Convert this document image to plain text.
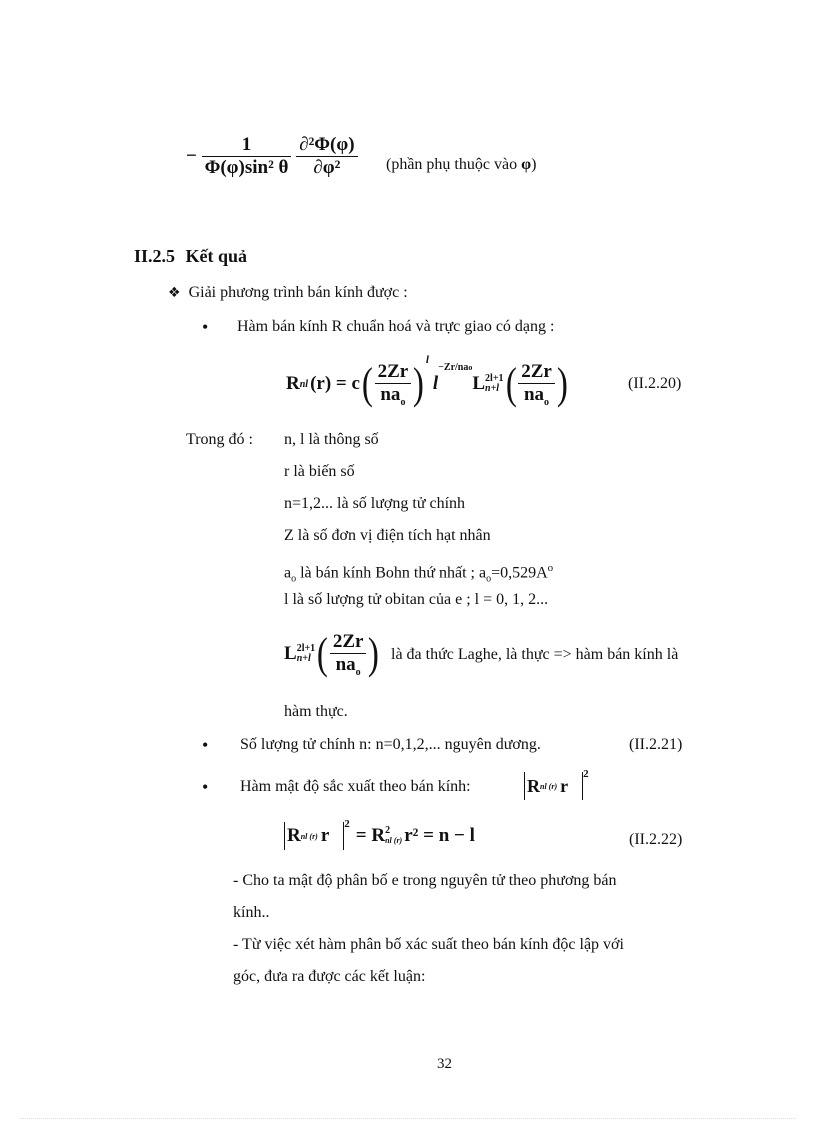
− $\frac{1}{\text{Φ(φ)sin² θ}}$
$\frac{\text{∂²Φ(φ)}}{\text{∂φ²}}$ (phần phụ thuộc vào φ)
II.2.5 Kết quả
❖ Giải phương trình bán kính được :
• Hàm bán kính R chuẩn hoá và trực giao có dạng :
R nl (r) = c ( $\frac{2Zr}{na_o}$ ) l
l
−Zr/nao
L 2l+1
n+l ( $\frac{2Zr}{na_o}$ )	(II.2.20)
Trong đó : n, l là thông số
r là biến số
n=1,2... là số lượng tử chính
Z là số đơn vị điện tích hạt nhân
$a_o$ là bán kính Bohn thứ nhất ; $a_o=0,529A^o$
l là số lượng tử obitan của e ; l = 0, 1, 2...
L 2l+1
n+l ( $\frac{2Zr}{na_o}$ ) là đa thức Laghe, là thực => hàm bán kính là
hàm thực.
• Số lượng tử chính n: n=0,1,2,... nguyên dương.	(II.2.21)
• Hàm mật độ sắc xuất theo bán kính:	R nl (r) r
2
R nl (r) r
2
= R 2
nl (r) r² = n − l	(II.2.22)
- Cho ta mật độ phân bố e trong nguyên tử theo phương bán
kính..
- Từ việc xét hàm phân bố xác suất theo bán kính độc lập với
góc, đưa ra được các kết luận:
32
